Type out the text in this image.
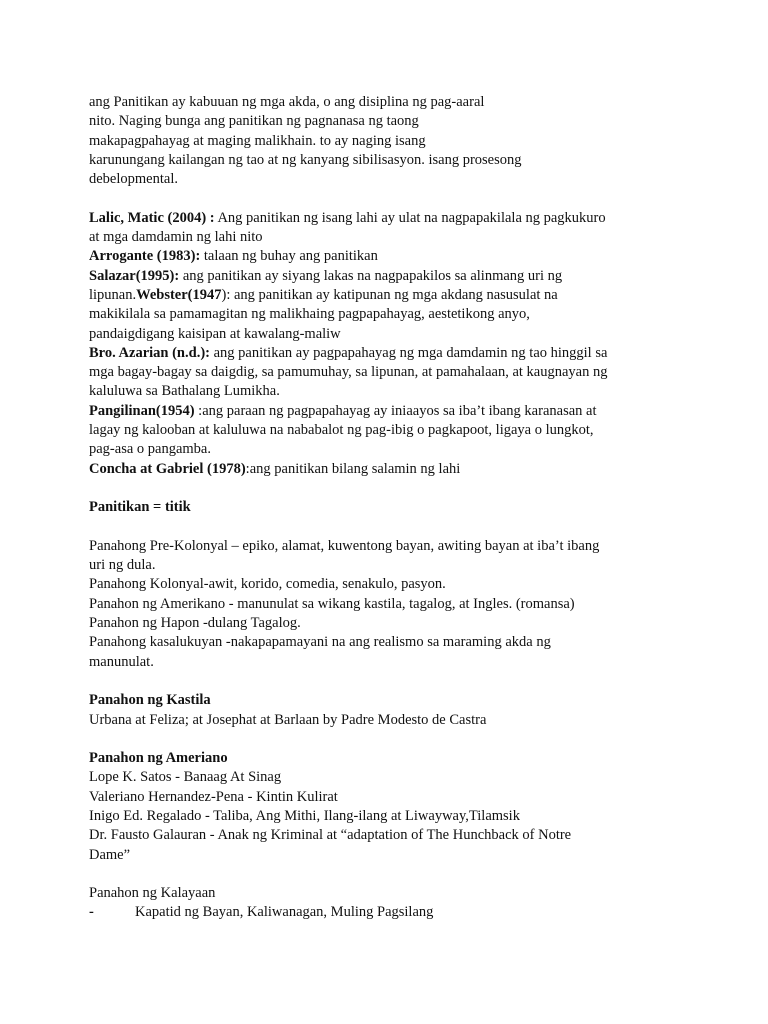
ang Panitikan ay kabuuan ng mga akda, o ang disiplina ng pag-aaral

nito. Naging bunga ang panitikan ng pagnanasa ng taong

makapagpahayag at maging malikhain. to ay naging isang

karunungang kailangan ng tao at ng kanyang sibilisasyon. isang prosesong

debelopmental.

Lalic, Matic (2004) : Ang panitikan ng isang lahi ay ulat na nagpapakilala ng pagkukuro

at mga damdamin ng lahi nito

Arrogante (1983): talaan ng buhay ang panitikan

Salazar(1995): ang panitikan ay siyang lakas na nagpapakilos sa alinmang uri ng

lipunan.Webster(1947): ang panitikan ay katipunan ng mga akdang nasusulat na

makikilala sa pamamagitan ng malikhaing pagpapahayag, aestetikong anyo,

pandaigdigang kaisipan at kawalang-maliw

Bro. Azarian (n.d.): ang panitikan ay pagpapahayag ng mga damdamin ng tao hinggil sa

mga bagay-bagay sa daigdig, sa pamumuhay, sa lipunan, at pamahalaan, at kaugnayan ng

kaluluwa sa Bathalang Lumikha.

Pangilinan(1954) :ang paraan ng pagpapahayag ay iniaayos sa iba’t ibang karanasan at

lagay ng kalooban at kaluluwa na nababalot ng pag-ibig o pagkapoot, ligaya o lungkot,

pag-asa o pangamba.

Concha at Gabriel (1978):ang panitikan bilang salamin ng lahi

Panitikan = titik

Panahong Pre-Kolonyal – epiko, alamat, kuwentong bayan, awiting bayan at iba’t ibang

uri ng dula.

Panahong Kolonyal-awit, korido, comedia, senakulo, pasyon.

Panahon ng Amerikano - manunulat sa wikang kastila, tagalog, at Ingles. (romansa)

Panahon ng Hapon -dulang Tagalog.

Panahong kasalukuyan -nakapapamayani na ang realismo sa maraming akda ng

manunulat.

Panahon ng Kastila

Urbana at Feliza; at Josephat at Barlaan by Padre Modesto de Castra

Panahon ng Ameriano

Lope K. Satos - Banaag At Sinag

Valeriano Hernandez-Pena - Kintin Kulirat

Inigo Ed. Regalado - Taliba, Ang Mithi, Ilang-ilang at Liwayway,Tilamsik

Dr. Fausto Galauran - Anak ng Kriminal at “adaptation of The Hunchback of Notre

Dame”

Panahon ng Kalayaan

-	Kapatid ng Bayan, Kaliwanagan, Muling Pagsilang
